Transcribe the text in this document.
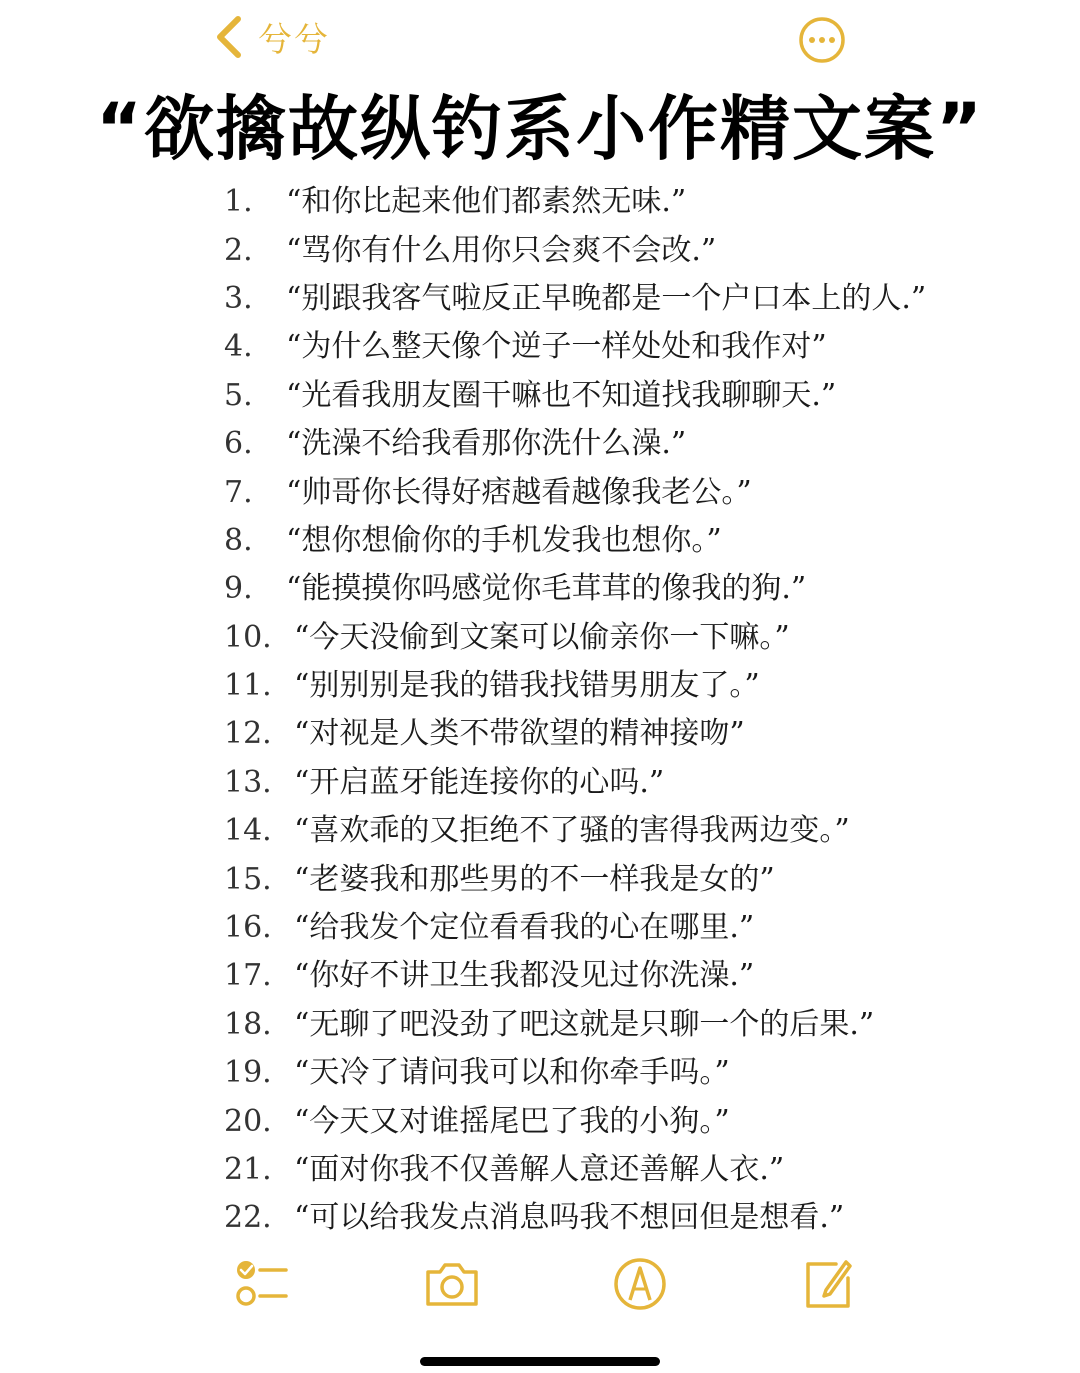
兮兮
“欲擒故纵钓系小作精文案”
1.	“和你比起来他们都素然无味.”
2.	“骂你有什么用你只会爽不会改.”
3.	“别跟我客气啦反正早晚都是一个户口本上的人.”
4.	“为什么整天像个逆子一样处处和我作对”
5.	“光看我朋友圈干嘛也不知道找我聊聊天.”
6.	“洗澡不给我看那你洗什么澡.”
7.	“帅哥你长得好痞越看越像我老公。”
8.	“想你想偷你的手机发我也想你。”
9.	“能摸摸你吗感觉你毛茸茸的像我的狗.”
10. “今天没偷到文案可以偷亲你一下嘛。”
11. “别别别是我的错我找错男朋友了。”
12. “对视是人类不带欲望的精神接吻”
13. “开启蓝牙能连接你的心吗.”
14. “喜欢乖的又拒绝不了骚的害得我两边变。”
15. “老婆我和那些男的不一样我是女的”
16. “给我发个定位看看我的心在哪里.”
17. “你好不讲卫生我都没见过你洗澡.”
18. “无聊了吧没劲了吧这就是只聊一个的后果.”
19. “天冷了请问我可以和你牵手吗。”
20. “今天又对谁摇尾巴了我的小狗。”
21. “面对你我不仅善解人意还善解人衣.”
22. “可以给我发点消息吗我不想回但是想看.”
